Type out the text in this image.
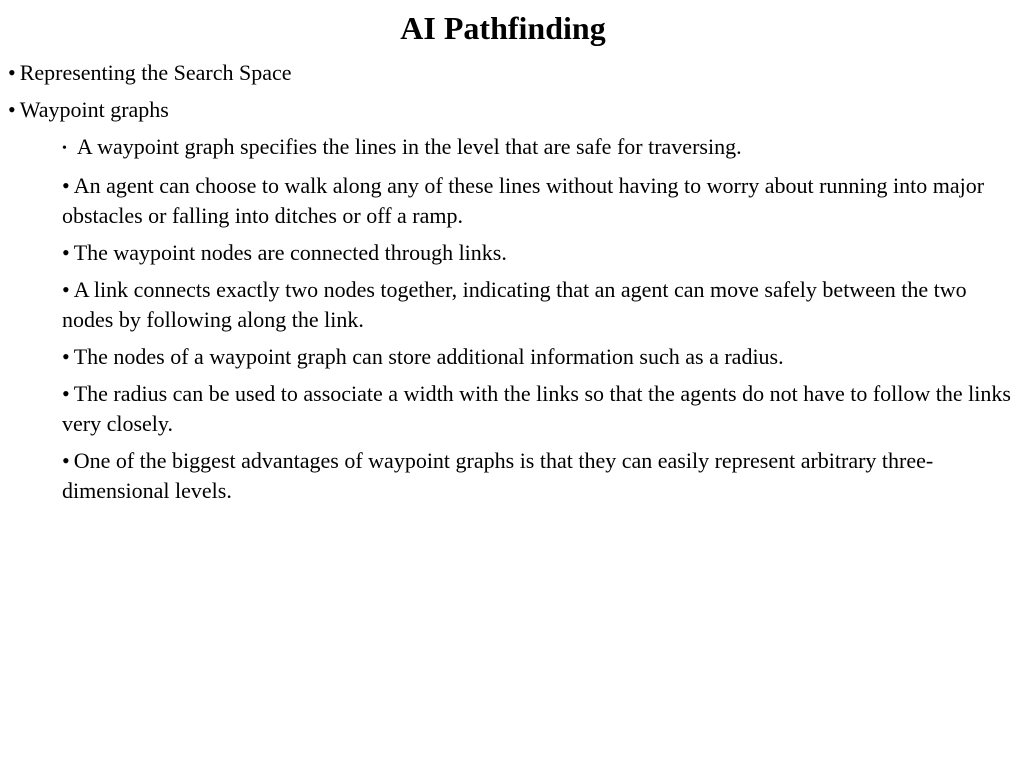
AI Pathfinding
• Representing the Search Space
• Waypoint graphs
• A waypoint graph specifies the lines in the level that are safe for traversing.
• An agent can choose to walk along any of these lines without having to worry about running into major obstacles or falling into ditches or off a ramp.
• The waypoint nodes are connected through links.
• A link connects exactly two nodes together, indicating that an agent can move safely between the two nodes by following along the link.
• The nodes of a waypoint graph can store additional information such as a radius.
• The radius can be used to associate a width with the links so that the agents do not have to follow the links very closely.
• One of the biggest advantages of waypoint graphs is that they can easily represent arbitrary three-dimensional levels.
